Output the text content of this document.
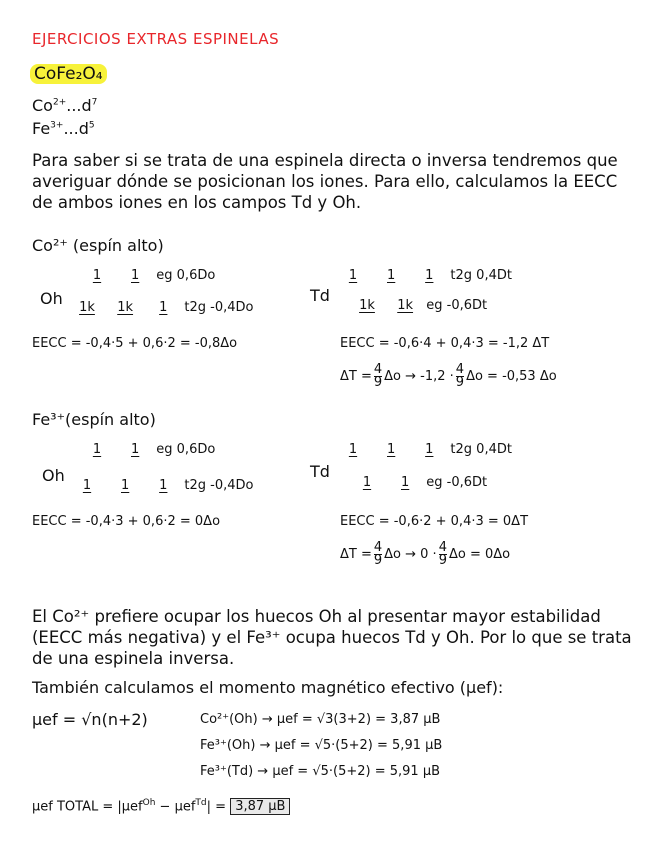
EJERCICIOS EXTRAS ESPINELAS
CoFe₂O₄
$Co^{2+}...d^7$
$Fe^{3+}...d^5$
Para saber si se trata de una espinela directa o inversa tendremos que averiguar dónde se posicionan los iones. Para ello, calculamos la EECC de ambos iones en los campos Td y Oh.
Co²⁺ (espín alto)
1 1 eg 0,6Do
Oh	1k 1k 1 t2g -0,4Do
EECC = -0,4·5 + 0,6·2 = -0,8Δo
1 1 1 t2g 0,4Dt
Td
1k 1k eg -0,6Dt
EECC = -0,6·4 + 0,4·3 = -1,2 ΔT
$\Delta T = \frac{4}{9}$ $\Delta o \to -1,2 \cdot \frac{4}{9}$ Δo = -0,53 Δo
Fe³⁺(espín alto)
1 1 eg 0,6Do
Oh
1 1 1 t2g -0,4Do
EECC = -0,4·3 + 0,6·2 = 0Δo
1 1 1 t2g 0,4Dt
Td
1 1 eg -0,6Dt
EECC = -0,6·2 + 0,4·3 = 0ΔT
$\Delta T = \frac{4}{9}$ $\Delta o \to 0 \cdot \frac{4}{9}$ Δo = 0Δo
El Co²⁺ prefiere ocupar los huecos Oh al presentar mayor estabilidad (EECC más negativa) y el Fe³⁺ ocupa huecos Td y Oh. Por lo que se trata de una espinela inversa.
También calculamos el momento magnético efectivo (μef):
μef = √n(n+2)	Co²⁺(Oh) → μef = √3(3+2) = 3,87 μB
Fe³⁺(Oh) → μef = √5·(5+2) = 5,91 μB
Fe³⁺(Td) → μef = √5·(5+2) = 5,91 μB
μef TOTAL = |μef$^{Oh}$ − μef$^{Td}$| = 3,87 μB
